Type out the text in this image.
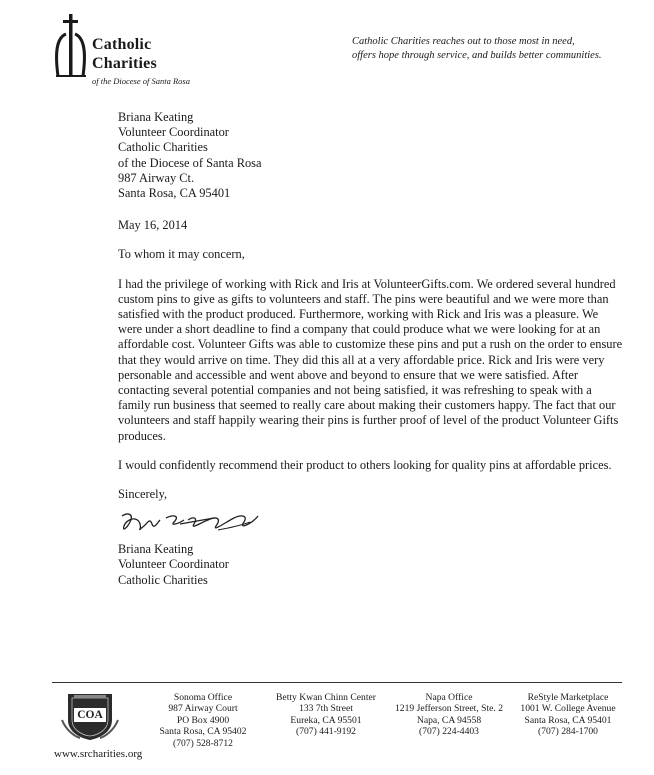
Catholic
Charities
of the Diocese of Santa Rosa
Catholic Charities reaches out to those most in need,
offers hope through service, and builds better communities.
Briana Keating
Volunteer Coordinator
Catholic Charities
of the Diocese of Santa Rosa
987 Airway Ct.
Santa Rosa, CA 95401
May 16, 2014
To whom it may concern,
I had the privilege of working with Rick and Iris at VolunteerGifts.com. We ordered several hundred custom pins to give as gifts to volunteers and staff. The pins were beautiful and we were more than satisfied with the product produced. Furthermore, working with Rick and Iris was a pleasure. We were under a short deadline to find a company that could produce what we were looking for at an affordable cost. Volunteer Gifts was able to customize these pins and put a rush on the order to ensure that they would arrive on time. They did this all at a very affordable price. Rick and Iris were very personable and accessible and went above and beyond to ensure that we were satisfied. After contacting several potential companies and not being satisfied, it was refreshing to speak with a family run business that seemed to really care about making their customers happy. The fact that our volunteers and staff happily wearing their pins is further proof of level of the product Volunteer Gifts produces.
I would confidently recommend their product to others looking for quality pins at affordable prices.
Sincerely,
Briana Keating
Volunteer Coordinator
Catholic Charities
COA
www.srcharities.org
Sonoma Office
987 Airway Court
PO Box 4900
Santa Rosa, CA 95402
(707) 528-8712
Betty Kwan Chinn Center
133 7th Street
Eureka, CA 95501
(707) 441-9192
Napa Office
1219 Jefferson Street, Ste. 2
Napa, CA 94558
(707) 224-4403
ReStyle Marketplace
1001 W. College Avenue
Santa Rosa, CA 95401
(707) 284-1700
